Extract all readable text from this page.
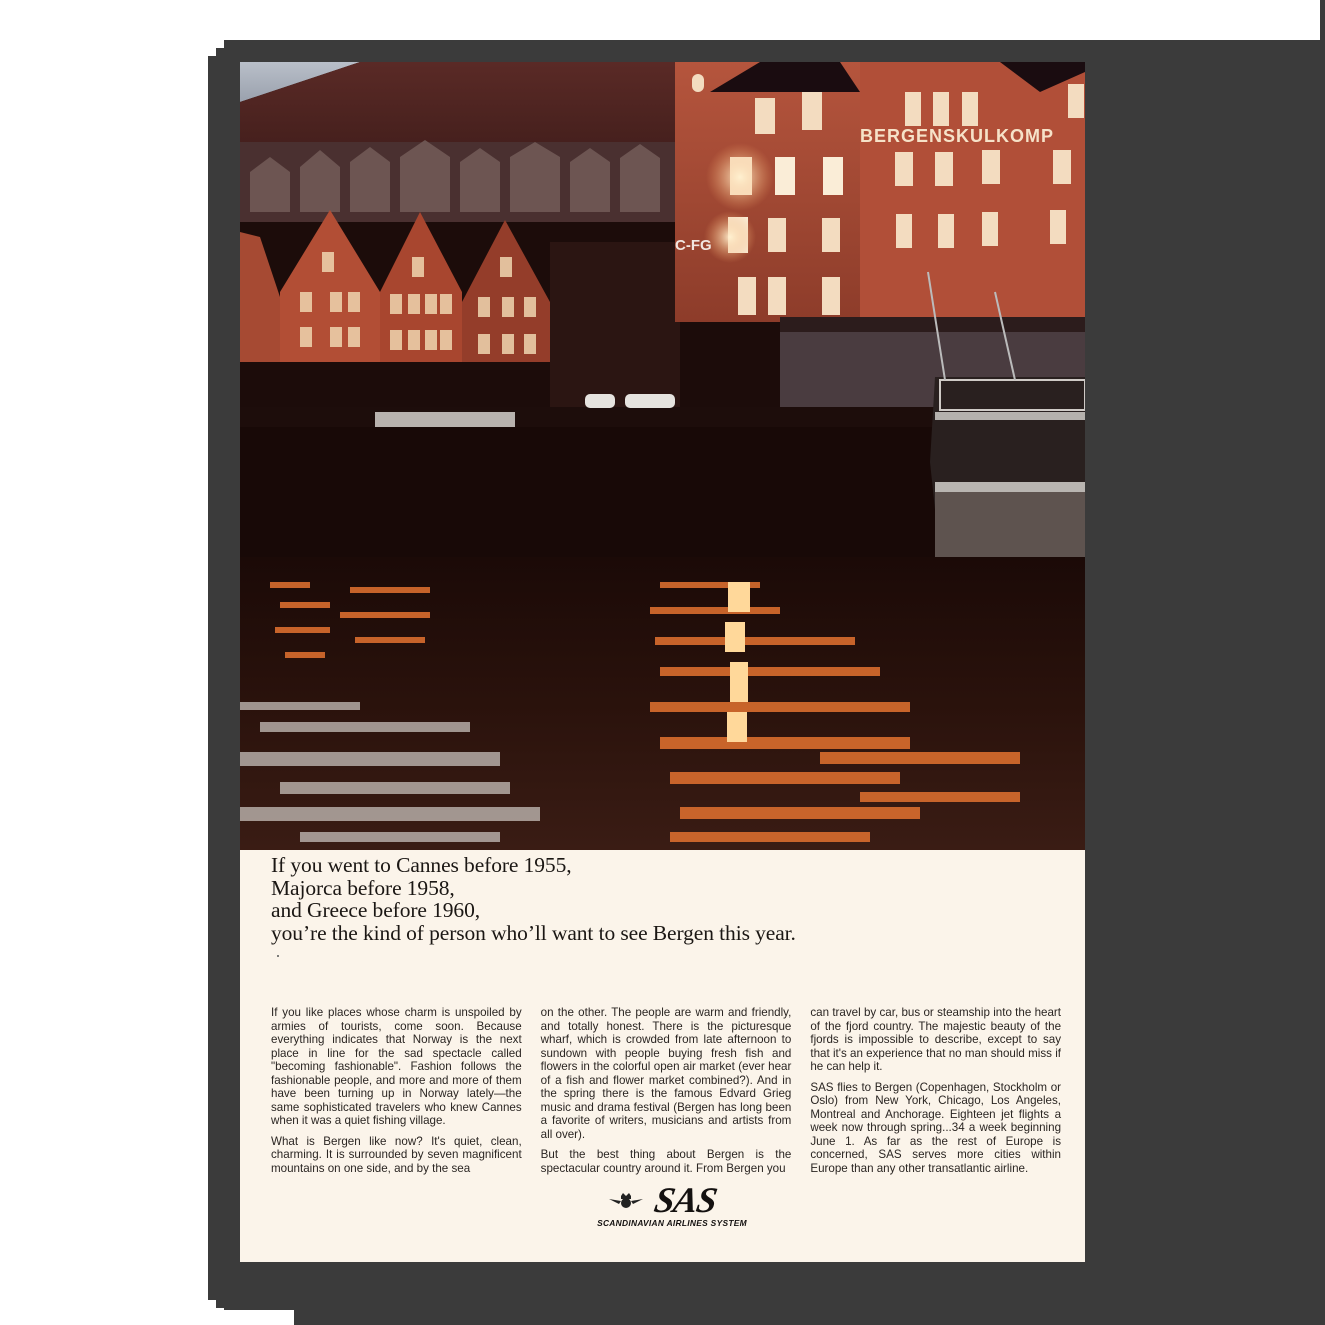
BERGENSKULKOMP
C-FG
If you went to Cannes before 1955,
Majorca before 1958,
and Greece before 1960,
you’re the kind of person who’ll want to see Bergen this year.

If you like places whose charm is unspoiled by armies of tourists, come soon. Because everything indicates that Norway is the next place in line for the sad spectacle called "becoming fashionable". Fashion follows the fashionable people, and more and more of them have been turning up in Norway lately—the same sophisticated travelers who knew Cannes when it was a quiet fishing village.

What is Bergen like now? It's quiet, clean, charming. It is surrounded by seven magnificent mountains on one side, and by the sea

on the other. The people are warm and friendly, and totally honest. There is the picturesque wharf, which is crowded from late afternoon to sundown with people buying fresh fish and flowers in the colorful open air market (ever hear of a fish and flower market combined?). And in the spring there is the famous Edvard Grieg music and drama festival (Bergen has long been a favorite of writers, musicians and artists from all over).

But the best thing about Bergen is the spectacular country around it. From Bergen you

can travel by car, bus or steamship into the heart of the fjord country. The majestic beauty of the fjords is impossible to describe, except to say that it's an experience that no man should miss if he can help it.

SAS flies to Bergen (Copenhagen, Stockholm or Oslo) from New York, Chicago, Los Angeles, Montreal and Anchorage. Eighteen jet flights a week now through spring...34 a week beginning June 1. As far as the rest of Europe is concerned, SAS serves more cities within Europe than any other transatlantic airline.

SAS
SCANDINAVIAN AIRLINES SYSTEM
